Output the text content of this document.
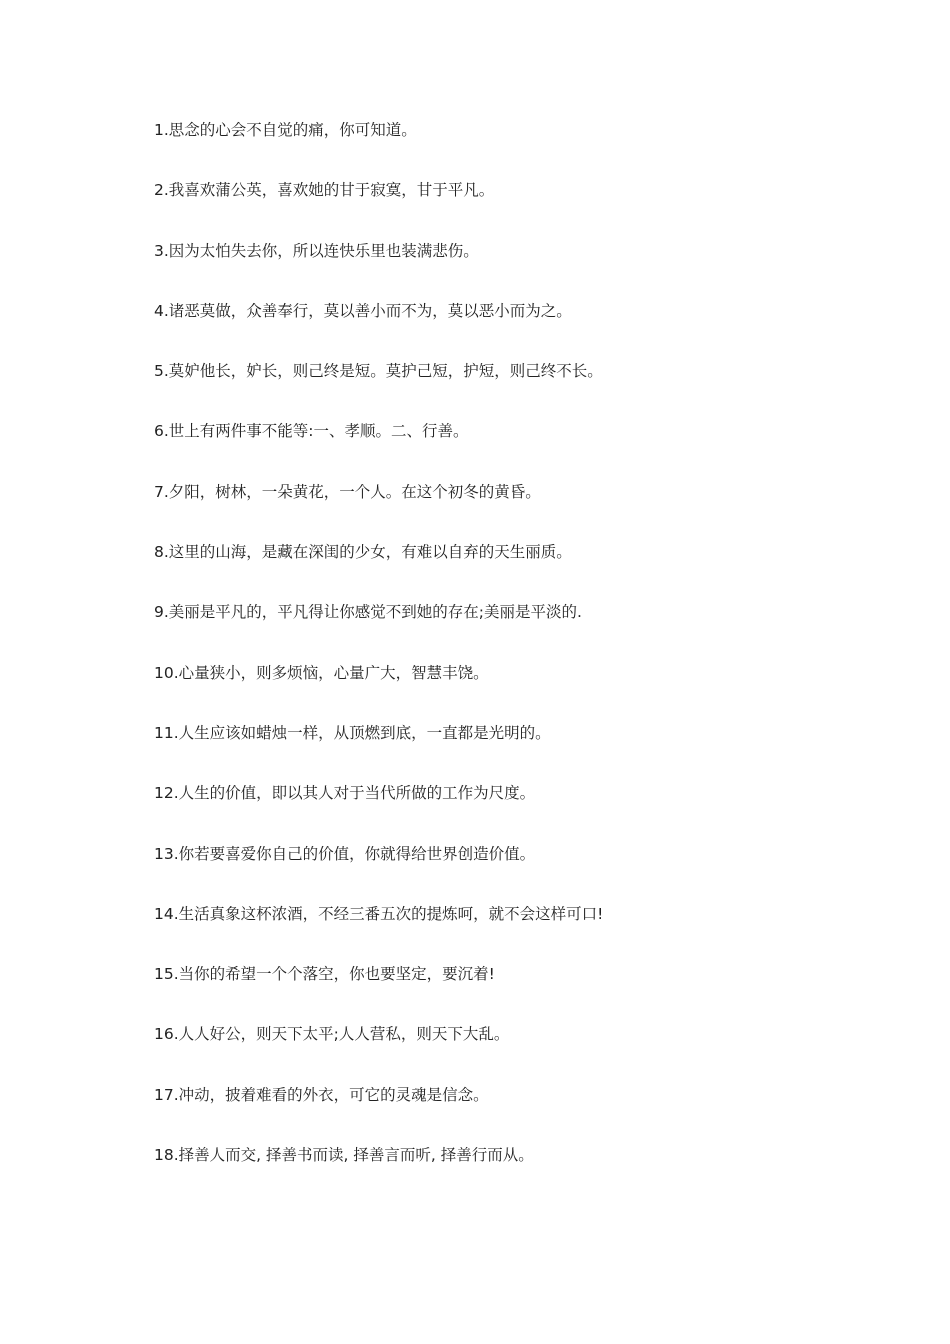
1.思念的心会不自觉的痛，你可知道。
2.我喜欢蒲公英，喜欢她的甘于寂寞，甘于平凡。
3.因为太怕失去你，所以连快乐里也装满悲伤。
4.诸恶莫做，众善奉行，莫以善小而不为，莫以恶小而为之。
5.莫妒他长，妒长，则己终是短。莫护己短，护短，则己终不长。
6.世上有两件事不能等:一、孝顺。二、行善。
7.夕阳，树林，一朵黄花，一个人。在这个初冬的黄昏。
8.这里的山海，是藏在深闺的少女，有难以自弃的天生丽质。
9.美丽是平凡的，平凡得让你感觉不到她的存在;美丽是平淡的.
10.心量狭小，则多烦恼，心量广大，智慧丰饶。
11.人生应该如蜡烛一样，从顶燃到底，一直都是光明的。
12.人生的价值，即以其人对于当代所做的工作为尺度。
13.你若要喜爱你自己的价值，你就得给世界创造价值。
14.生活真象这杯浓酒，不经三番五次的提炼呵，就不会这样可口!
15.当你的希望一个个落空，你也要坚定，要沉着!
16.人人好公，则天下太平;人人营私，则天下大乱。
17.冲动，披着难看的外衣，可它的灵魂是信念。
18.择善人而交, 择善书而读, 择善言而听, 择善行而从。
